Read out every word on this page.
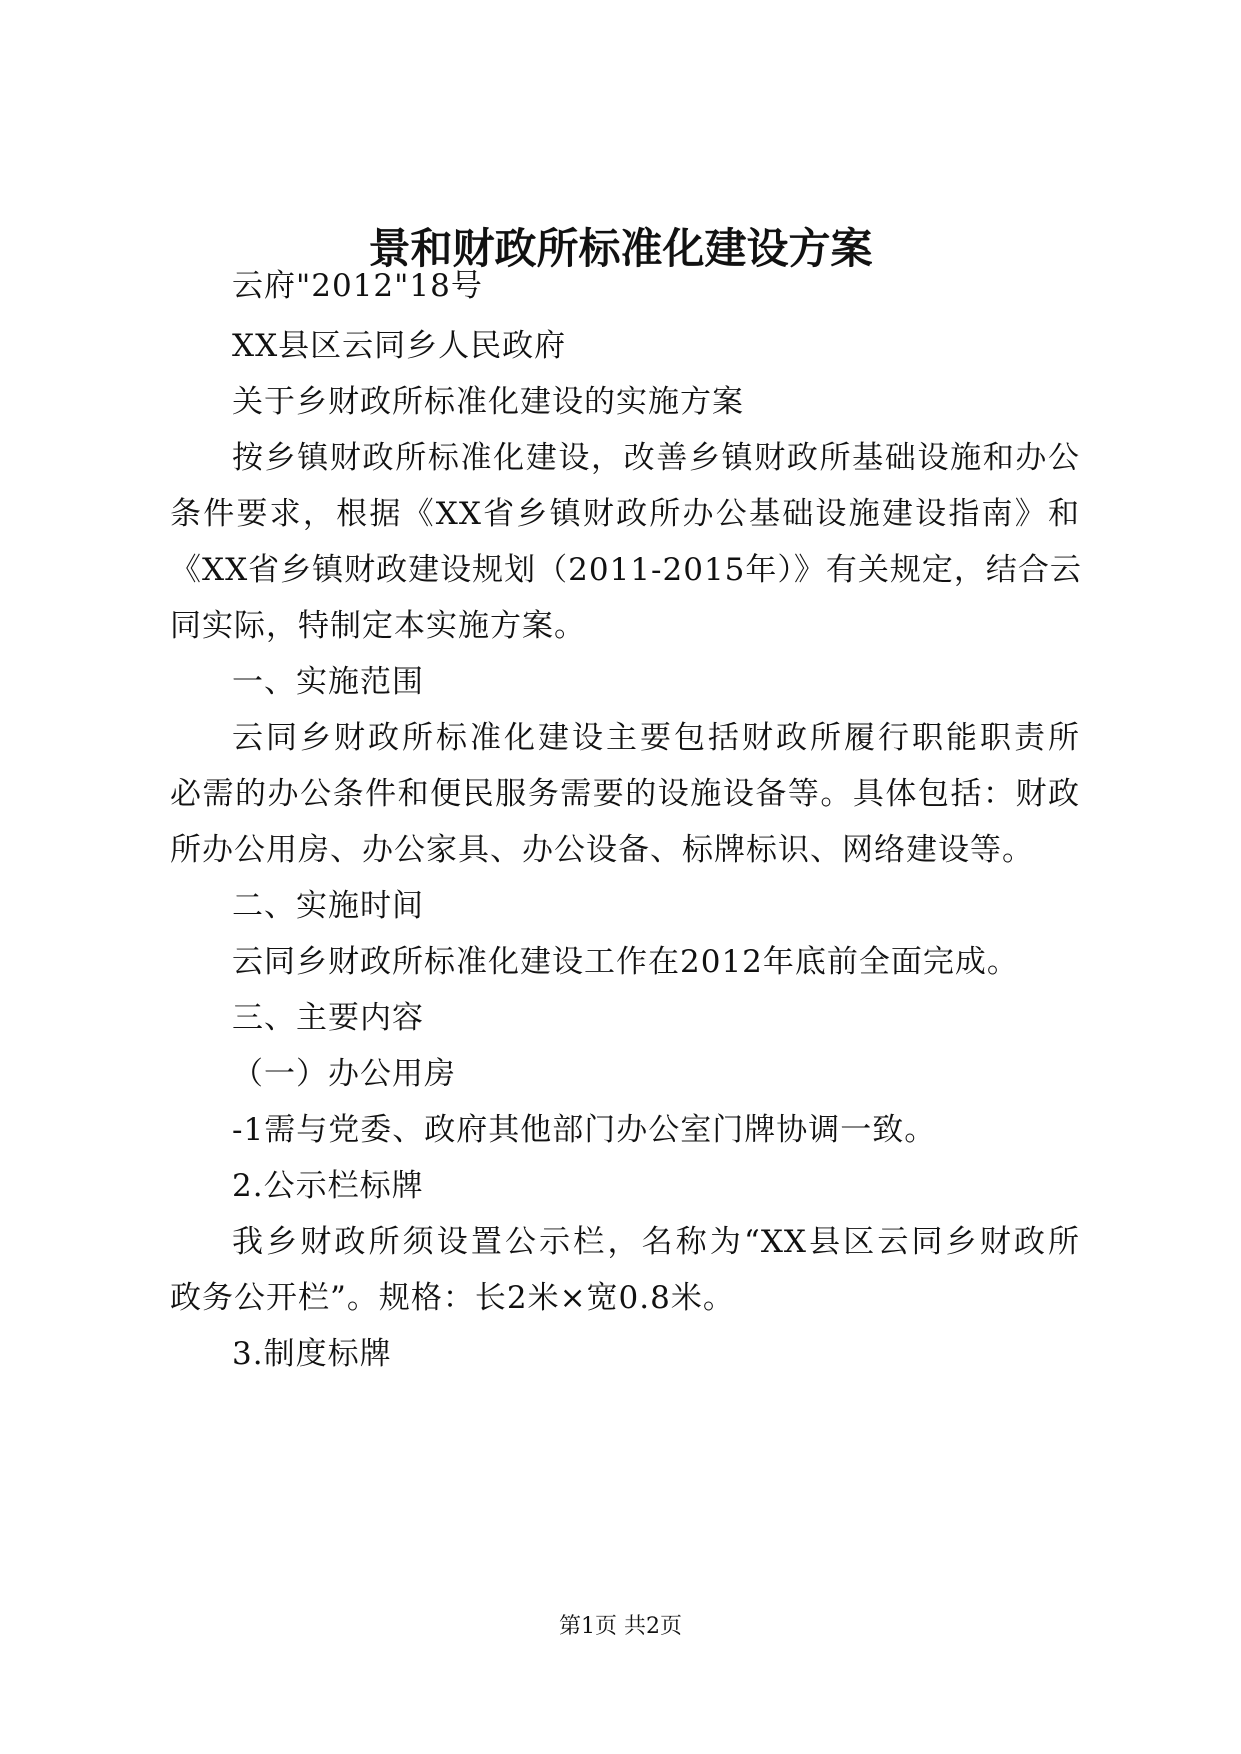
景和财政所标准化建设方案
云府"2012"18号
XX县区云同乡人民政府
关于乡财政所标准化建设的实施方案
按乡镇财政所标准化建设，改善乡镇财政所基础设施和办公
条件要求，根据《XX省乡镇财政所办公基础设施建设指南》和
《XX省乡镇财政建设规划（2011-2015年）》有关规定，结合云
同实际，特制定本实施方案。
一、实施范围
云同乡财政所标准化建设主要包括财政所履行职能职责所
必需的办公条件和便民服务需要的设施设备等。具体包括：财政
所办公用房、办公家具、办公设备、标牌标识、网络建设等。
二、实施时间
云同乡财政所标准化建设工作在2012年底前全面完成。
三、主要内容
（一）办公用房
-1需与党委、政府其他部门办公室门牌协调一致。
2.公示栏标牌
我乡财政所须设置公示栏，名称为“XX县区云同乡财政所
政务公开栏”。规格：长2米×宽0.8米。
3.制度标牌
第1页 共2页
